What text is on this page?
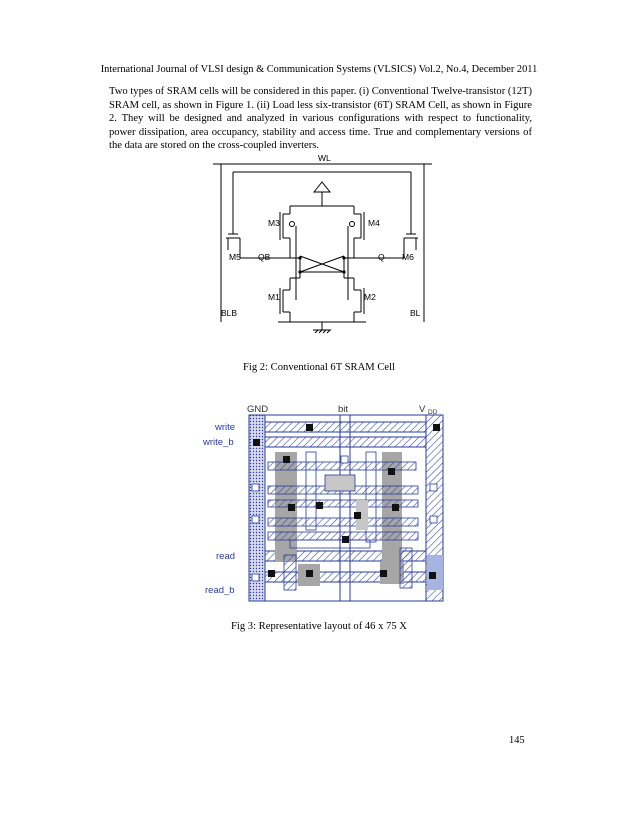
International Journal of VLSI design & Communication Systems (VLSICS) Vol.2, No.4, December 2011

Two types of SRAM cells will be considered in this paper. (i) Conventional Twelve-transistor (12T) SRAM cell, as shown in Figure 1. (ii) Load less six-transistor (6T) SRAM Cell, as shown in Figure 2. They will be designed and analyzed in various configurations with respect to functionality, power dissipation, area occupancy, stability and access time. True and complementary versions of the data are stored on the cross-coupled inverters.

WL
M3	M4
M5	M6
QB	Q
M1	M2
BLB	BL
GND	bit	V DD
write
write_b
read
read_b
Fig 2: Conventional 6T SRAM Cell
Fig 3: Representative layout of 46 x 75 X
145
